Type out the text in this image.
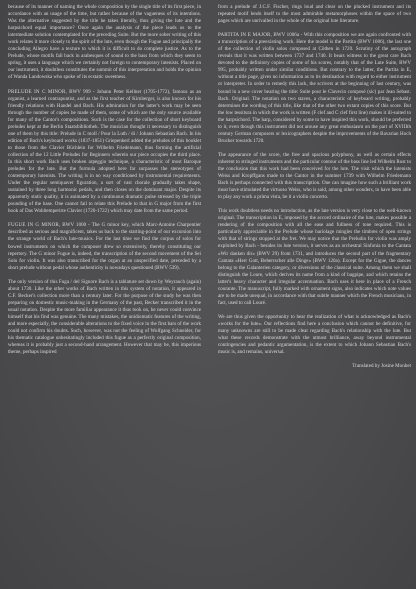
because of its manner of naming the whole composition by the single title of its first piece, in accordance with an usage of the time, but rather because of the vagueness of its intentions. Was the alternative suggested by the title he takes literally, thus giving the lute and the harpsichord equal importance? Once again the analysis of the piece leads us to the intermediate solution contemplated for the preceding Suite. But the more sober writing of this work relates it more closely to the spirit of the lute, even though the Fugue and principally the concluding Allegro have a texture to which it is difficult to do complete justice. As to the Prelude, whose motifs fall back in arabesques of sound to the bass from which they seem to spring, it uses a language which we certainly not foreign to contemporary lutenists. Placed on our instrument, it doubtless constitutes the summit of this interpretation and holds the opinion of Wanda Landowska who spoke of its ecstatic sweetness.

PRELUDE IN C MINOR, BWV 999 - Johann Peter Kellner (1705-1772), famous as an organist, a learned contrapuntist, and as the first teacher of Kirnberger, is also known for his friendly relations with Handel and Bach. His admiration for the latter's work may be seen through the number of copies he made of them, some of which are the only source available for many of the Cantor's compositions. Such is the case for the collection of short keyboard preludes kept at the Berlin Staatsbibliothek. The musician thought it necessary to distinguish one of them by this title: Prelude in C moll / Pour la Luth / di / Johann Sebastian Bach. In his edition of Bach's keyboard works (1837-1851) Griepenkerl added the preludes of this booklet to those from the Clavier Büchlein for Wilhelm Friedemann, thus forming the artificial collection of the 12 Little Preludes for Beginners wherein our piece occupies the third place. In this short work Bach uses broken arpeggio technique, a characteristic of most Baroque preludes for the lute. But the formula adopted here far surpasses the stereotypes of contemporary lutenists. The writing is in no way conditioned by instrumental requirements. Under the regular semiquaver figuration, a sort of vast chorale gradually takes shape, sustained by three long harmonic pedals, and then closes on the dominant major. Despite its apparently static quality, it is animated by a continuous dramatic pulse stressed by the triple pounding of the base. One cannot fail to relate this Prelude to that in G major from the first book of Das Wohltemperirte Clavier (1720-1722) which may date from the same period.

FUGUE IN G MINOR, BWV 1000 - The G minor key, which Marc-Antoine Charpentier described as serious and magnificent, takes us back to the starting-point of our excursion into the strange world of Bach's lute-musics. For the last time we find the corpus of solos for bowed instruments on which the composer drew so extensively, thereby constituting our repertory. The G minor Fugue is, indeed, the transcription of the second movement of the Sei Solo for violin. It was also transcribed for the organ at an unspecified date, preceded by a short prelude without pedal whose authenticity is nowadays questioned (BWV 539).

The only version of this Fuga / del Signore Bach is a tablature set down by Weyrauch (again) about 1730. Like the other works of Bach written in this system of notation, it appeared in C.F. Becker's collection more than a century later. For the purpose of the study he was then preparing on domestic music-making in the Germany of the past, Becker transcribed it in the usual notation. Despite the more familiar appearance it thus took on, he never could convince himself that his find was genuine. The many mistakes, the unidiomatic features of the writing, and more especially, the considerable alterations to the fixed voice in the first bars of the work could not confirm his doubts. Such, however, was not the feeling of Wolfgang Schneider, for his thematic catalogue unhesitatingly included this fugue as a perfectly original composition, whereas it is probably just a second-hand arrangement. However that may be, this imperious theme, perhaps inspired

from a prelude of J.C.F. Fischer, rings loud and clear on the plucked instrument and its repeated motif lends itself to the most admirable metamorphoses within the space of two pages which are unrivalled in the whole of the original lute literature.

PARTITA IN E MAJOR, BWV 1006a - With this composition we are again confronted with a transcription of a preexisting work. Here the model is the Partita (BWV 1006), the last one of the collection of violin solos composed at Cöthen in 1720. Scrutiny of the autograph reveals that it was written between 1737 and 1740. It bears witness to the great care Bach devoted to the definitory copies of some of his scores, notably that of the Lute Suite, BWV 995, probably written under similar conditions. But contrary to the latter, the Partita in E, without a title page, gives no information as to its destination with regard to either instrument or interpreter. In order to remedy this lack, the scrivers at the beginning of last century, was bound in a new cover bearing the title: Suite pour le Clavecin composé (sic) par Jean Sebast. Bach. Original. The notation on two staves, a characteristic of keyboard writing, probably determines the wording of this title, like that of the other two extant copies of this score. But the low tessitura in which the work is written (F clef and C clef first line) makes it ill-suited to the harpsichord. The harp, considered by some to have inspired this work, should be preferred to it, even though this instrument did not arouse any great enthusiasm on the part of XVIIIth century German composers or lexicographers despite the improvements of the Bavarian Hoch Brucker towards 1720.

The appearance of the score, the free and spacious polyphony, as well as certain effects inherent to stringed instruments and the particular contour of the bass line led Wilhelm Rust to the conclusion that this work had been conceived for the lute. The visit which the lutenists Weiss and Kropffgans made to the Cantor in the summer 1739 with Wilhelm Friedemann Bach is perhaps connected with this transcription. One can imagine how such a brilliant work must have stimulated the virtuoso Weiss, who is said, among other wonders, to have been able to play any work a prima vista, be it a violin concerto.

This work doubtless needs no introduction, as the late version is very close to the well-known original. The transcription in E, imposed by the accord ordinaire of the lute, makes possible a rendering of the composition with all the ease and fullness of tone required. This is particularly appreciable in the Prelude whose bariolage mingles the timbres of open strings with that of strings stopped at the fret. We may notice that the Preludio for violin was amply exploited by Bach - besides its lute version, it serves as an orchestral Sinfonia to the Cantata »Wir danken dir« (BWV 29) from 1731, and introduces the second part of the fragmentary Cantata »Herr Gott, Beherrscher alle Dinge« (BWV 120a). Except for the Gigue, the dances belong to the Galanterien category, or diversions of the classical suite. Among them we shall distinguish the Loure, which derives its name from a kind of bagpipe, and which retains the latter's heavy character and irregular accentuation. Bach uses it here in place of a French courante. The manuscript, fully marked with ornament signs, also indicates which note values are to be made unequal, in accordance with that subtle manner which the French musicians, in fact, used to call Louré.

We are thus given the opportunity to hear the realization of what is acknowledged as Bach's »works for the lute«. Our reflections find here a conclusion which cannot be definitive, for many unknowns are still to be made clear regarding Bach's relationship with the lute. But what these records demonstrate with the utmost brilliance, away beyond instrumental contingencies and pedantic argumentation, is the extent to which Johann Sebastian Bach's music is, and remains, universal.

Translated by Josine Monbet
